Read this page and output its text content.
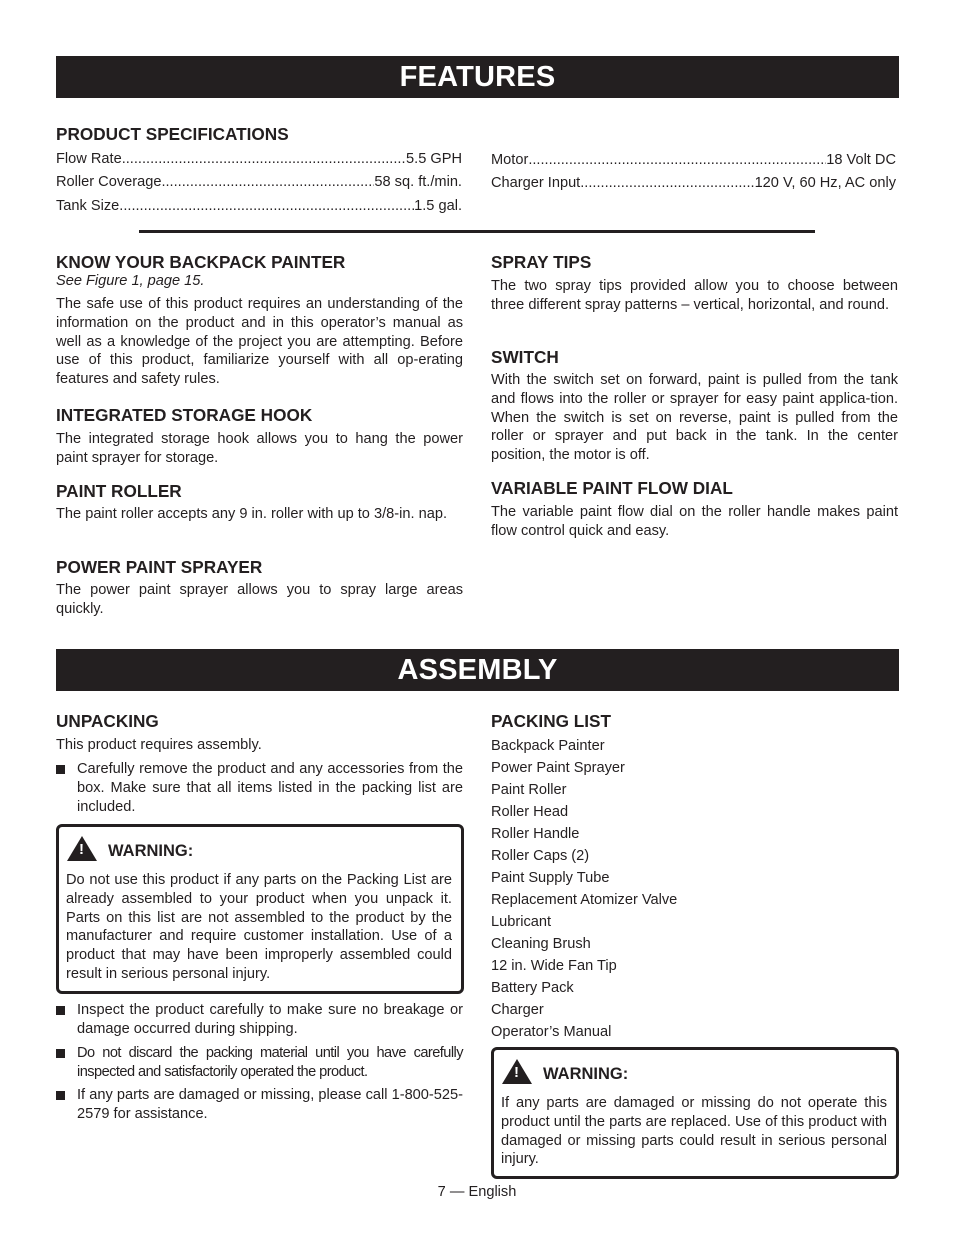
FEATURES
PRODUCT SPECIFICATIONS
Flow Rate .....	5.5 GPH
Roller Coverage .....	58 sq. ft./min.
Tank Size .....	1.5 gal.
Motor .....	18 Volt DC
Charger Input .....	120 V, 60 Hz, AC only
KNOW YOUR BACKPACK PAINTER

See Figure 1, page 15.

The safe use of this product requires an understanding of the information on the product and in this operator’s manual as well as a knowledge of the project you are attempting. Before use of this product, familiarize yourself with all op-erating features and safety rules.

INTEGRATED STORAGE HOOK

The integrated storage hook allows you to hang the power paint sprayer for storage.

PAINT ROLLER

The paint roller accepts any 9 in. roller with up to 3/8-in. nap.

POWER PAINT SPRAYER

The power paint sprayer allows you to spray large areas quickly.

SPRAY TIPS

The two spray tips provided allow you to choose between three different spray patterns – vertical, horizontal, and round.

SWITCH

With the switch set on forward, paint is pulled from the tank and flows into the roller or sprayer for easy paint applica-tion. When the switch is set on reverse, paint is pulled from the roller or sprayer and put back in the tank. In the center position, the motor is off.

VARIABLE PAINT FLOW DIAL

The variable paint flow dial on the roller handle makes paint flow control quick and easy.

ASSEMBLY
UNPACKING

This product requires assembly.

Carefully remove the product and any accessories from the box. Make sure that all items listed in the packing list are included.
! WARNING:

Do not use this product if any parts on the Packing List are already assembled to your product when you unpack it. Parts on this list are not assembled to the product by the manufacturer and require customer installation. Use of a product that may have been improperly assembled could result in serious personal injury.

Inspect the product carefully to make sure no breakage or damage occurred during shipping.
Do not discard the packing material until you have carefully inspected and satisfactorily operated the product.
If any parts are damaged or missing, please call 1-800-525-2579 for assistance.
PACKING LIST
Backpack Painter
Power Paint Sprayer
Paint Roller
Roller Head
Roller Handle
Roller Caps (2)
Paint Supply Tube
Replacement Atomizer Valve
Lubricant
Cleaning Brush
12 in. Wide Fan Tip
Battery Pack
Charger
Operator’s Manual
! WARNING:

If any parts are damaged or missing do not operate this product until the parts are replaced. Use of this product with damaged or missing parts could result in serious personal injury.

7 — English
